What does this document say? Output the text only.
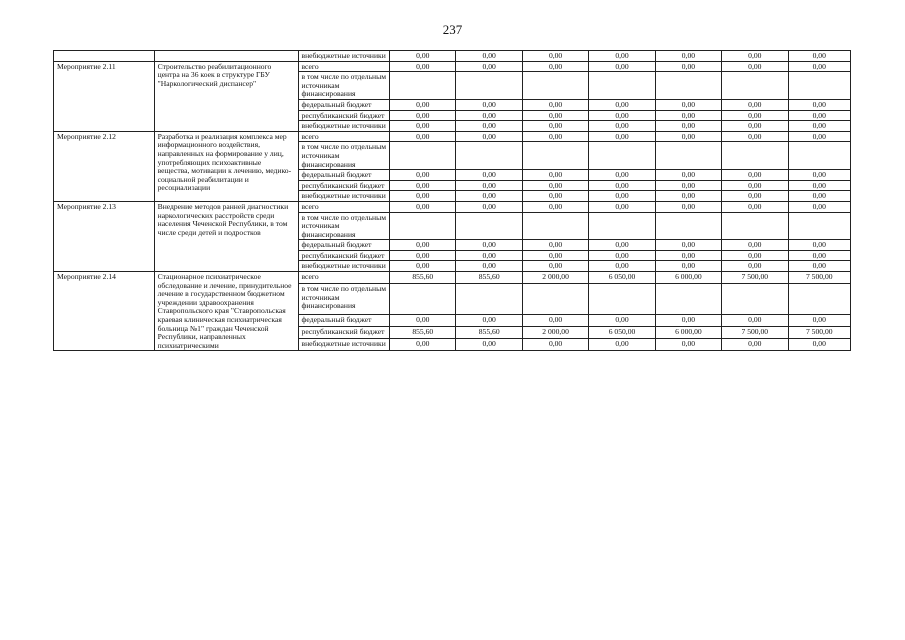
237
		внебюджетные источники	0,00	0,00	0,00	0,00	0,00	0,00	0,00
Мероприятие 2.11	Строительство реабилитационного центра на 36 коек в структуре ГБУ "Наркологический диспансер"	всего	0,00	0,00	0,00	0,00	0,00	0,00	0,00
		в том числе по отдельным источникам финансирования							
		федеральный бюджет	0,00	0,00	0,00	0,00	0,00	0,00	0,00
		республиканский бюджет	0,00	0,00	0,00	0,00	0,00	0,00	0,00
		внебюджетные источники	0,00	0,00	0,00	0,00	0,00	0,00	0,00
Мероприятие 2.12	Разработка и реализация комплекса мер информационного воздействия, направленных на формирование у лиц, употребляющих психоактивные вещества, мотивации к лечению, медико-социальной реабилитации и ресоциализации	всего	0,00	0,00	0,00	0,00	0,00	0,00	0,00
		в том числе по отдельным источникам финансирования							
		федеральный бюджет	0,00	0,00	0,00	0,00	0,00	0,00	0,00
		республиканский бюджет	0,00	0,00	0,00	0,00	0,00	0,00	0,00
		внебюджетные источники	0,00	0,00	0,00	0,00	0,00	0,00	0,00
Мероприятие 2.13	Внедрение методов ранней диагностики наркологических расстройств среди населения Чеченской Республики, в том числе среди детей и подростков	всего	0,00	0,00	0,00	0,00	0,00	0,00	0,00
		в том числе по отдельным источникам финансирования							
		федеральный бюджет	0,00	0,00	0,00	0,00	0,00	0,00	0,00
		республиканский бюджет	0,00	0,00	0,00	0,00	0,00	0,00	0,00
		внебюджетные источники	0,00	0,00	0,00	0,00	0,00	0,00	0,00
Мероприятие 2.14	Стационарное психиатрическое обследование и лечение, принудительное лечение в государственном бюджетном учреждении здравоохранения Ставропольского края "Ставропольская краевая клиническая психиатрическая больница №1" граждан Чеченской Республики, направленных психиатрическими	всего	855,60	855,60	2 000,00	6 050,00	6 000,00	7 500,00	7 500,00
		в том числе по отдельным источникам финансирования							
		федеральный бюджет	0,00	0,00	0,00	0,00	0,00	0,00	0,00
		республиканский бюджет	855,60	855,60	2 000,00	6 050,00	6 000,00	7 500,00	7 500,00
		внебюджетные источники	0,00	0,00	0,00	0,00	0,00	0,00	0,00
